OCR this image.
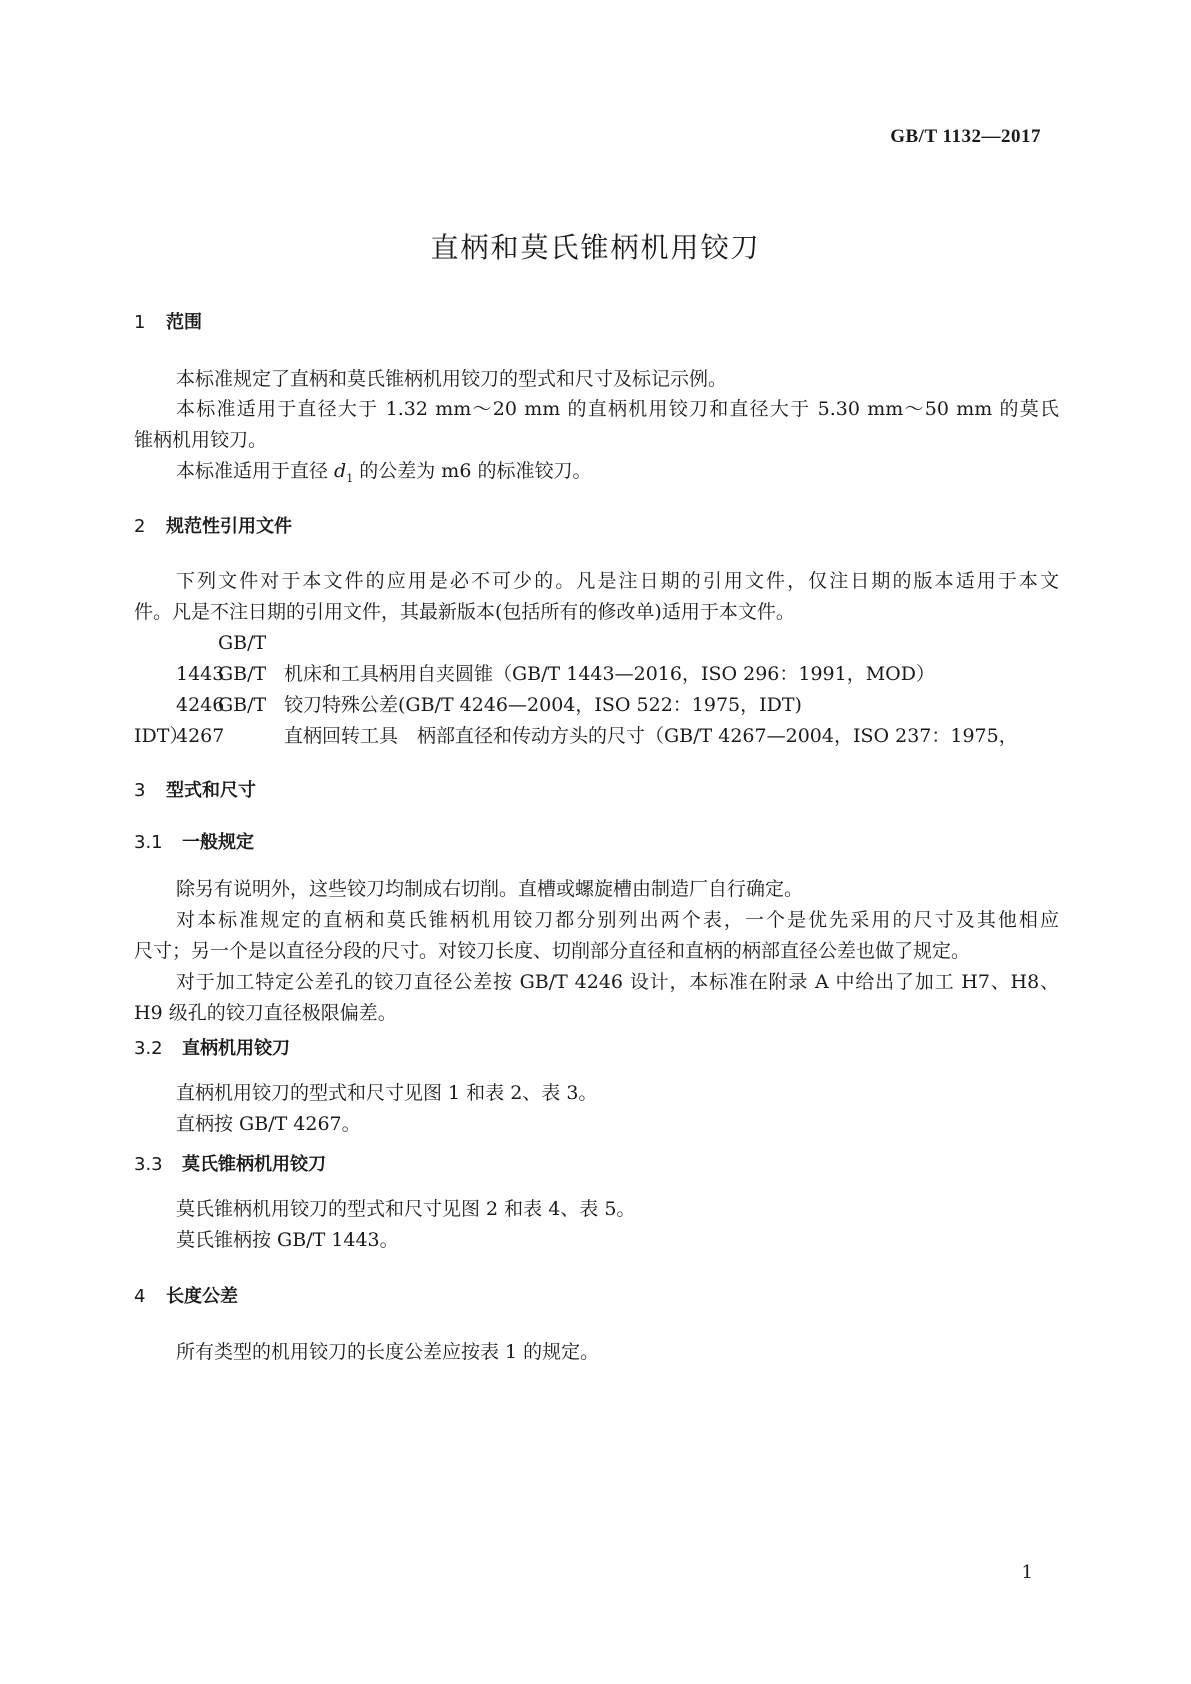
GB/T 1132—2017
直柄和莫氏锥柄机用铰刀
1 范围
本标准规定了直柄和莫氏锥柄机用铰刀的型式和尺寸及标记示例。
本标准适用于直径大于 1.32 mm～20 mm 的直柄机用铰刀和直径大于 5.30 mm～50 mm 的莫氏
锥柄机用铰刀。
本标准适用于直径 $d_1$ 的公差为 m6 的标准铰刀。
2 规范性引用文件
下列文件对于本文件的应用是必不可少的。凡是注日期的引用文件，仅注日期的版本适用于本文
件。凡是不注日期的引用文件，其最新版本(包括所有的修改单)适用于本文件。
GB/T 1443	机床和工具柄用自夹圆锥（GB/T 1443—2016，ISO 296：1991，MOD）
GB/T 4246	铰刀特殊公差(GB/T 4246—2004，ISO 522：1975，IDT)
GB/T 4267	直柄回转工具　柄部直径和传动方头的尺寸（GB/T 4267—2004，ISO 237：1975，
IDT）
3 型式和尺寸
3.1 一般规定
除另有说明外，这些铰刀均制成右切削。直槽或螺旋槽由制造厂自行确定。
对本标准规定的直柄和莫氏锥柄机用铰刀都分别列出两个表，一个是优先采用的尺寸及其他相应
尺寸；另一个是以直径分段的尺寸。对铰刀长度、切削部分直径和直柄的柄部直径公差也做了规定。
对于加工特定公差孔的铰刀直径公差按 GB/T 4246 设计，本标准在附录 A 中给出了加工 H7、H8、
H9 级孔的铰刀直径极限偏差。
3.2 直柄机用铰刀
直柄机用铰刀的型式和尺寸见图 1 和表 2、表 3。
直柄按 GB/T 4267。
3.3 莫氏锥柄机用铰刀
莫氏锥柄机用铰刀的型式和尺寸见图 2 和表 4、表 5。
莫氏锥柄按 GB/T 1443。
4 长度公差
所有类型的机用铰刀的长度公差应按表 1 的规定。
1
